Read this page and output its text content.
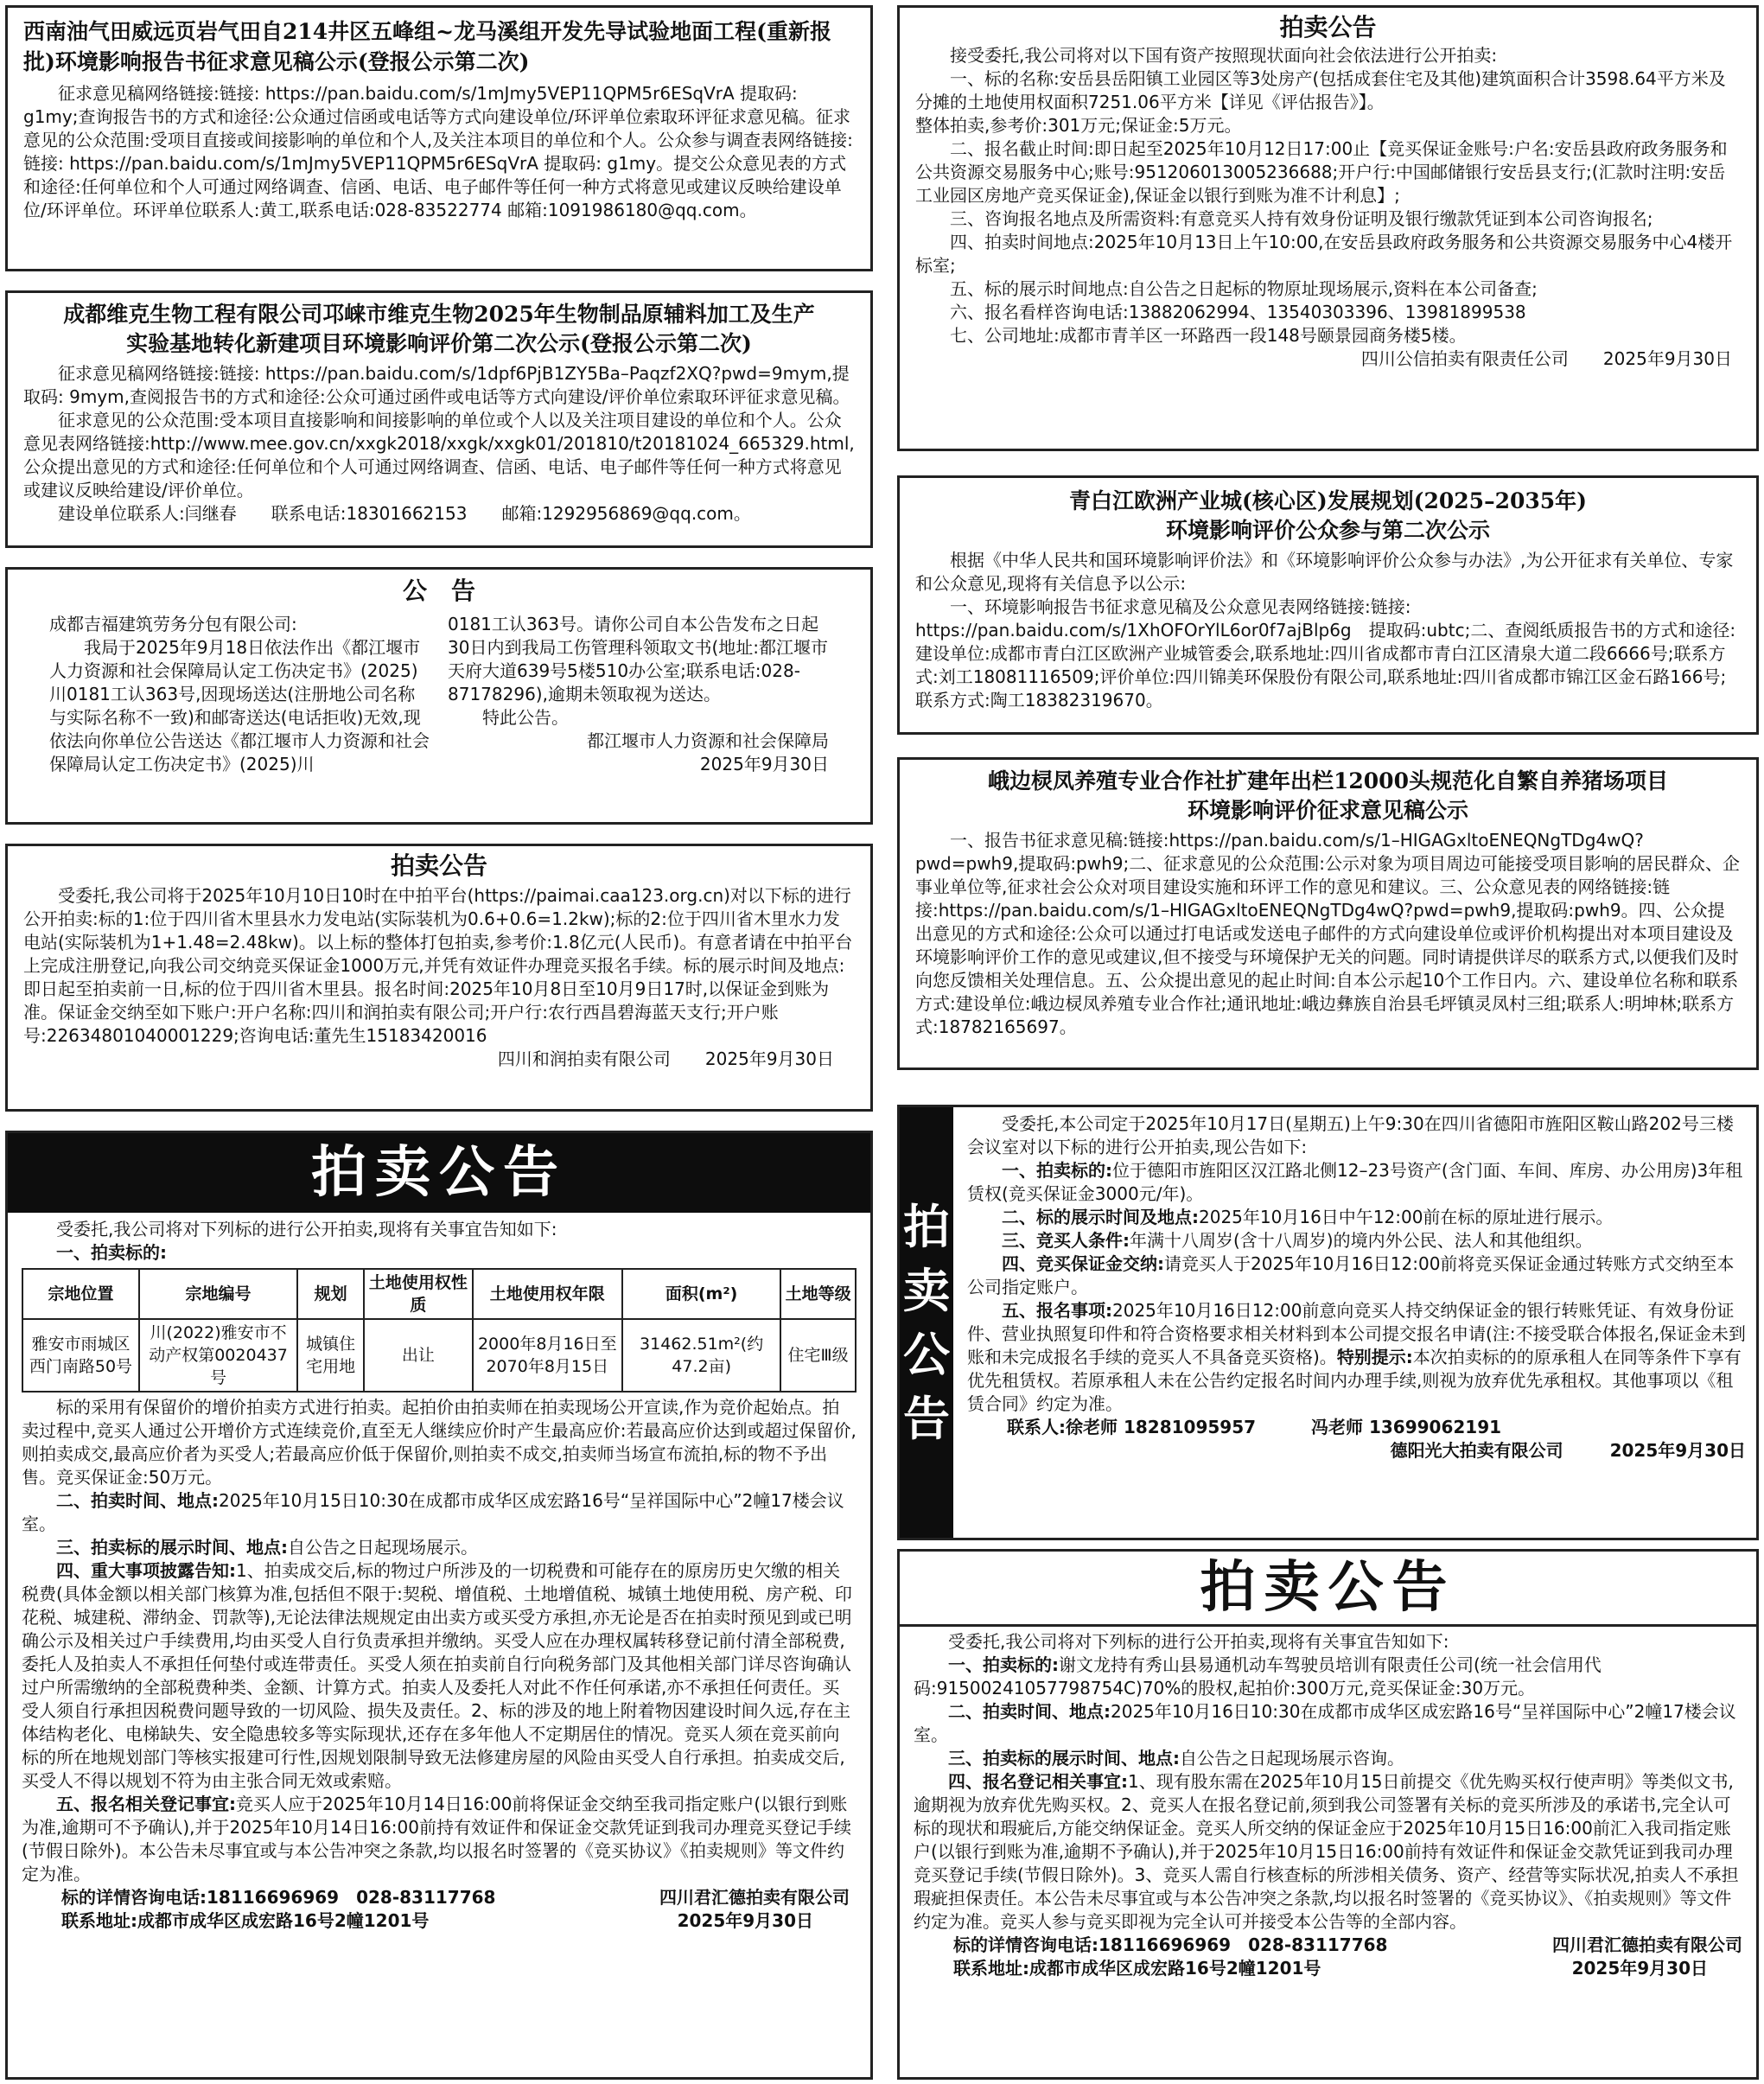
西南油气田威远页岩气田自214井区五峰组~龙马溪组开发先导试验地面工程(重新报批)环境影响报告书征求意见稿公示(登报公示第二次)

征求意见稿网络链接:链接: https://pan.baidu.com/s/1mJmy5VEP11QPM5r6ESqVrA 提取码: g1my;查询报告书的方式和途径:公众通过信函或电话等方式向建设单位/环评单位索取环评征求意见稿。征求意见的公众范围:受项目直接或间接影响的单位和个人,及关注本项目的单位和个人。公众参与调查表网络链接:链接: https://pan.baidu.com/s/1mJmy5VEP11QPM5r6ESqVrA 提取码: g1my。提交公众意见表的方式和途径:任何单位和个人可通过网络调查、信函、电话、电子邮件等任何一种方式将意见或建议反映给建设单位/环评单位。环评单位联系人:黄工,联系电话:028-83522774 邮箱:1091986180@qq.com。

成都维克生物工程有限公司邛崃市维克生物2025年生物制品原辅料加工及生产实验基地转化新建项目环境影响评价第二次公示(登报公示第二次)

征求意见稿网络链接:链接: https://pan.baidu.com/s/1dpf6PjB1ZY5Ba–Paqzf2XQ?pwd=9mym,提取码: 9mym,查阅报告书的方式和途径:公众可通过函件或电话等方式向建设/评价单位索取环评征求意见稿。

征求意见的公众范围:受本项目直接影响和间接影响的单位或个人以及关注项目建设的单位和个人。公众意见表网络链接:http://www.mee.gov.cn/xxgk2018/xxgk/xxgk01/201810/t20181024_665329.html,公众提出意见的方式和途径:任何单位和个人可通过网络调查、信函、电话、电子邮件等任何一种方式将意见或建议反映给建设/评价单位。

建设单位联系人:闫继春　　联系电话:18301662153　　邮箱:1292956869@qq.com。

公　告
成都吉福建筑劳务分包有限公司:
　　我局于2025年9月18日依法作出《都江堰市人力资源和社会保障局认定工伤决定书》(2025)川0181工认363号,因现场送达(注册地公司名称与实际名称不一致)和邮寄送达(电话拒收)无效,现依法向你单位公告送达《都江堰市人力资源和社会保障局认定工伤决定书》(2025)川
0181工认363号。请你公司自本公告发布之日起30日内到我局工伤管理科领取文书(地址:都江堰市天府大道639号5楼510办公室;联系电话:028-87178296),逾期未领取视为送达。
　　特此公告。

都江堰市人力资源和社会保障局

2025年9月30日

拍卖公告

受委托,我公司将于2025年10月10日10时在中拍平台(https://paimai.caa123.org.cn)对以下标的进行公开拍卖:标的1:位于四川省木里县水力发电站(实际装机为0.6+0.6=1.2kw);标的2:位于四川省木里水力发电站(实际装机为1+1.48=2.48kw)。以上标的整体打包拍卖,参考价:1.8亿元(人民币)。有意者请在中拍平台上完成注册登记,向我公司交纳竞买保证金1000万元,并凭有效证件办理竞买报名手续。标的展示时间及地点:即日起至拍卖前一日,标的位于四川省木里县。报名时间:2025年10月8日至10月9日17时,以保证金到账为准。保证金交纳至如下账户:开户名称:四川和润拍卖有限公司;开户行:农行西昌碧海蓝天支行;开户账号:22634801040001229;咨询电话:董先生15183420016

四川和润拍卖有限公司　　2025年9月30日

拍卖公告

受委托,我公司将对下列标的进行公开拍卖,现将有关事宜告知如下:

一、拍卖标的:

宗地位置	宗地编号	规划	土地使用权性质	土地使用权年限	面积(m²)	土地等级
雅安市雨城区西门南路50号	川(2022)雅安市不动产权第0020437号	城镇住宅用地	出让	2000年8月16日至2070年8月15日	31462.51m²(约47.2亩)	住宅Ⅲ级

标的采用有保留价的增价拍卖方式进行拍卖。起拍价由拍卖师在拍卖现场公开宣读,作为竞价起始点。拍卖过程中,竞买人通过公开增价方式连续竞价,直至无人继续应价时产生最高应价:若最高应价达到或超过保留价,则拍卖成交,最高应价者为买受人;若最高应价低于保留价,则拍卖不成交,拍卖师当场宣布流拍,标的物不予出售。竞买保证金:50万元。

二、拍卖时间、地点:2025年10月15日10:30在成都市成华区成宏路16号“呈祥国际中心”2幢17楼会议室。

三、拍卖标的展示时间、地点:自公告之日起现场展示。

四、重大事项披露告知:1、拍卖成交后,标的物过户所涉及的一切税费和可能存在的原房历史欠缴的相关税费(具体金额以相关部门核算为准,包括但不限于:契税、增值税、土地增值税、城镇土地使用税、房产税、印花税、城建税、滞纳金、罚款等),无论法律法规规定由出卖方或买受方承担,亦无论是否在拍卖时预见到或已明确公示及相关过户手续费用,均由买受人自行负责承担并缴纳。买受人应在办理权属转移登记前付清全部税费,委托人及拍卖人不承担任何垫付或连带责任。买受人须在拍卖前自行向税务部门及其他相关部门详尽咨询确认过户所需缴纳的全部税费种类、金额、计算方式。拍卖人及委托人对此不作任何承诺,亦不承担任何责任。买受人须自行承担因税费问题导致的一切风险、损失及责任。2、标的涉及的地上附着物因建设时间久远,存在主体结构老化、电梯缺失、安全隐患较多等实际现状,还存在多年他人不定期居住的情况。竞买人须在竞买前向标的所在地规划部门等核实报建可行性,因规划限制导致无法修建房屋的风险由买受人自行承担。拍卖成交后,买受人不得以规划不符为由主张合同无效或索赔。

五、报名相关登记事宜:竞买人应于2025年10月14日16:00前将保证金交纳至我司指定账户(以银行到账为准,逾期可不予确认),并于2025年10月14日16:00前持有效证件和保证金交款凭证到我司办理竞买登记手续(节假日除外)。本公告未尽事宜或与本公告冲突之条款,均以报名时签署的《竞买协议》《拍卖规则》等文件约定为准。

标的详情咨询电话:18116696969　028-83117768	四川君汇德拍卖有限公司
联系地址:成都市成华区成宏路16号2幢1201号	2025年9月30日
拍卖公告

接受委托,我公司将对以下国有资产按照现状面向社会依法进行公开拍卖:

一、标的名称:安岳县岳阳镇工业园区等3处房产(包括成套住宅及其他)建筑面积合计3598.64平方米及分摊的土地使用权面积7251.06平方米【详见《评估报告》】。

整体拍卖,参考价:301万元;保证金:5万元。

二、报名截止时间:即日起至2025年10月12日17:00止【竞买保证金账号:户名:安岳县政府政务服务和公共资源交易服务中心;账号:951206013005236688;开户行:中国邮储银行安岳县支行;(汇款时注明:安岳工业园区房地产竞买保证金),保证金以银行到账为准不计利息】;

三、咨询报名地点及所需资料:有意竞买人持有效身份证明及银行缴款凭证到本公司咨询报名;

四、拍卖时间地点:2025年10月13日上午10:00,在安岳县政府政务服务和公共资源交易服务中心4楼开标室;

五、标的展示时间地点:自公告之日起标的物原址现场展示,资料在本公司备查;

六、报名看样咨询电话:13882062994、13540303396、13981899538

七、公司地址:成都市青羊区一环路西一段148号颐景园商务楼5楼。

四川公信拍卖有限责任公司　　2025年9月30日

青白江欧洲产业城(核心区)发展规划(2025–2035年)
环境影响评价公众参与第二次公示

根据《中华人民共和国环境影响评价法》和《环境影响评价公众参与办法》,为公开征求有关单位、专家和公众意见,现将有关信息予以公示:

一、环境影响报告书征求意见稿及公众意见表网络链接:链接: https://pan.baidu.com/s/1XhOFOrYlL6or0f7ajBlp6g　提取码:ubtc;二、查阅纸质报告书的方式和途径:建设单位:成都市青白江区欧洲产业城管委会,联系地址:四川省成都市青白江区清泉大道二段6666号;联系方式:刘工18081116509;评价单位:四川锦美环保股份有限公司,联系地址:四川省成都市锦江区金石路166号;联系方式:陶工18382319670。

峨边棂凤养殖专业合作社扩建年出栏12000头规范化自繁自养猪场项目
环境影响评价征求意见稿公示

一、报告书征求意见稿:链接:https://pan.baidu.com/s/1–HIGAGxltoENEQNgTDg4wQ?pwd=pwh9,提取码:pwh9;二、征求意见的公众范围:公示对象为项目周边可能接受项目影响的居民群众、企事业单位等,征求社会公众对项目建设实施和环评工作的意见和建议。三、公众意见表的网络链接:链接:https://pan.baidu.com/s/1–HIGAGxltoENEQNgTDg4wQ?pwd=pwh9,提取码:pwh9。四、公众提出意见的方式和途径:公众可以通过打电话或发送电子邮件的方式向建设单位或评价机构提出对本项目建设及环境影响评价工作的意见或建议,但不接受与环境保护无关的问题。同时请提供详尽的联系方式,以便我们及时向您反馈相关处理信息。五、公众提出意见的起止时间:自本公示起10个工作日内。六、建设单位名称和联系方式:建设单位:峨边棂凤养殖专业合作社;通讯地址:峨边彝族自治县毛坪镇灵凤村三组;联系人:明坤林;联系方式:18782165697。

拍
卖
公
告

受委托,本公司定于2025年10月17日(星期五)上午9:30在四川省德阳市旌阳区鞍山路202号三楼会议室对以下标的进行公开拍卖,现公告如下:

一、拍卖标的:位于德阳市旌阳区汉江路北侧12–23号资产(含门面、车间、库房、办公用房)3年租赁权(竞买保证金3000元/年)。

二、标的展示时间及地点:2025年10月16日中午12:00前在标的原址进行展示。

三、竞买人条件:年满十八周岁(含十八周岁)的境内外公民、法人和其他组织。

四、竞买保证金交纳:请竞买人于2025年10月16日12:00前将竞买保证金通过转账方式交纳至本公司指定账户。

五、报名事项:2025年10月16日12:00前意向竞买人持交纳保证金的银行转账凭证、有效身份证件、营业执照复印件和符合资格要求相关材料到本公司提交报名申请(注:不接受联合体报名,保证金未到账和未完成报名手续的竞买人不具备竞买资格)。特别提示:本次拍卖标的的原承租人在同等条件下享有优先租赁权。若原承租人未在公告约定报名时间内办理手续,则视为放弃优先承租权。其他事项以《租赁合同》约定为准。

联系人:徐老师 18281095957	冯老师 13699062191
德阳光大拍卖有限公司	2025年9月30日
拍卖公告

受委托,我公司将对下列标的进行公开拍卖,现将有关事宜告知如下:

一、拍卖标的:谢文龙持有秀山县易通机动车驾驶员培训有限责任公司(统一社会信用代码:91500241057798754C)70%的股权,起拍价:300万元,竞买保证金:30万元。

二、拍卖时间、地点:2025年10月16日10:30在成都市成华区成宏路16号“呈祥国际中心”2幢17楼会议室。

三、拍卖标的展示时间、地点:自公告之日起现场展示咨询。

四、报名登记相关事宜:1、现有股东需在2025年10月15日前提交《优先购买权行使声明》等类似文书,逾期视为放弃优先购买权。2、竞买人在报名登记前,须到我公司签署有关标的竞买所涉及的承诺书,完全认可标的现状和瑕疵后,方能交纳保证金。竞买人所交纳的保证金应于2025年10月15日16:00前汇入我司指定账户(以银行到账为准,逾期不予确认),并于2025年10月15日16:00前持有效证件和保证金交款凭证到我司办理竞买登记手续(节假日除外)。3、竞买人需自行核查标的所涉相关债务、资产、经营等实际状况,拍卖人不承担瑕疵担保责任。本公告未尽事宜或与本公告冲突之条款,均以报名时签署的《竞买协议》、《拍卖规则》等文件约定为准。竞买人参与竞买即视为完全认可并接受本公告等的全部内容。

标的详情咨询电话:18116696969　028-83117768	四川君汇德拍卖有限公司
联系地址:成都市成华区成宏路16号2幢1201号	2025年9月30日
